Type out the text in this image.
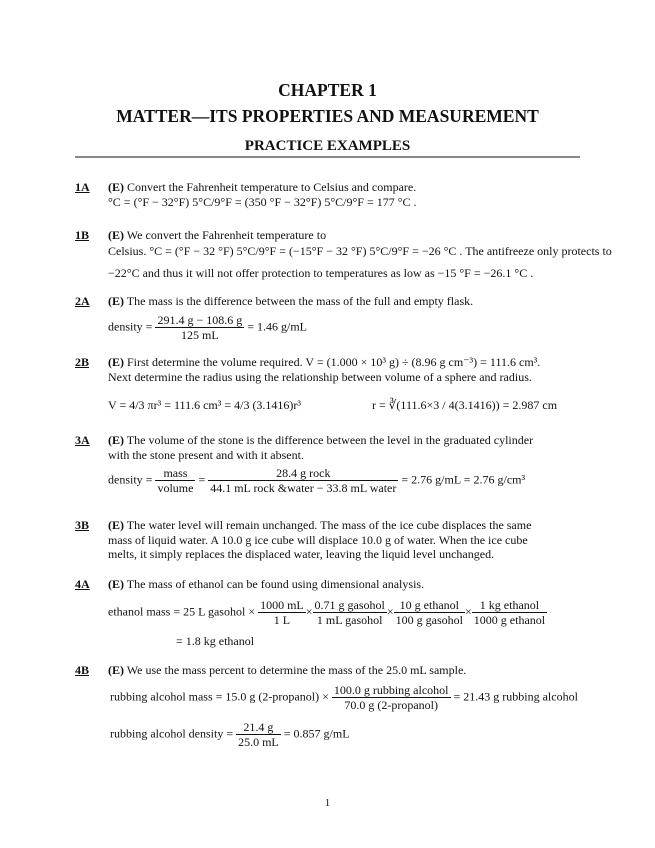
CHAPTER 1
MATTER—ITS PROPERTIES AND MEASUREMENT
PRACTICE EXAMPLES
1A (E) Convert the Fahrenheit temperature to Celsius and compare.
°C = (°F − 32°F) 5°C/9°F = (350 °F − 32°F) 5°C/9°F = 177 °C .
1B (E) We convert the Fahrenheit temperature to
Celsius. °C = (°F − 32 °F) 5°C/9°F = (−15°F − 32 °F) 5°C/9°F = −26 °C . The antifreeze only protects to
−22°C and thus it will not offer protection to temperatures as low as −15 °F = −26.1 °C .
2A (E) The mass is the difference between the mass of the full and empty flask.
density = $\frac{291.4 g - 108.6 g}{125 mL} = 1.46$ g/mL
2B (E) First determine the volume required. V = (1.000 × 10³ g) ÷ (8.96 g cm⁻³) = 111.6 cm³.
Next determine the radius using the relationship between volume of a sphere and radius.
V = 4/3 πr³ = 111.6 cm³ = 4/3 (3.1416)r³	r = ∛(111.6×3 / 4(3.1416)) = 2.987 cm
3A (E) The volume of the stone is the difference between the level in the graduated cylinder
with the stone present and with it absent.
density = $\frac{\text{mass}}{\text{volume}} = \frac{\text{28.4 g rock}}{\text{44.1 mL rock \&water − 33.8 mL water}} = 2.76$ g/mL = 2.76 g/cm³
3B (E) The water level will remain unchanged. The mass of the ice cube displaces the same
mass of liquid water. A 10.0 g ice cube will displace 10.0 g of water. When the ice cube
melts, it simply replaces the displaced water, leaving the liquid level unchanged.
4A (E) The mass of ethanol can be found using dimensional analysis.
ethanol mass = 25 L gasohol × $\frac{1000 mL}{1 L} \times \frac{\text{0.71 g gasohol}}{\text{1 mL gasohol}} \times \frac{\text{10 g ethanol}}{\text{100 g gasohol}} \times \frac{\text{1 kg ethanol}}{\text{1000 g ethanol}}$
= 1.8 kg ethanol
4B (E) We use the mass percent to determine the mass of the 25.0 mL sample.
rubbing alcohol mass = 15.0 g (2-propanol) × $\frac{\text{100.0 g rubbing alcohol}}{\text{70.0 g (2-propanol)}} = 21.43$ g rubbing alcohol
rubbing alcohol density = $\frac{21.4 g}{25.0 mL} = 0.857$ g/mL
1
